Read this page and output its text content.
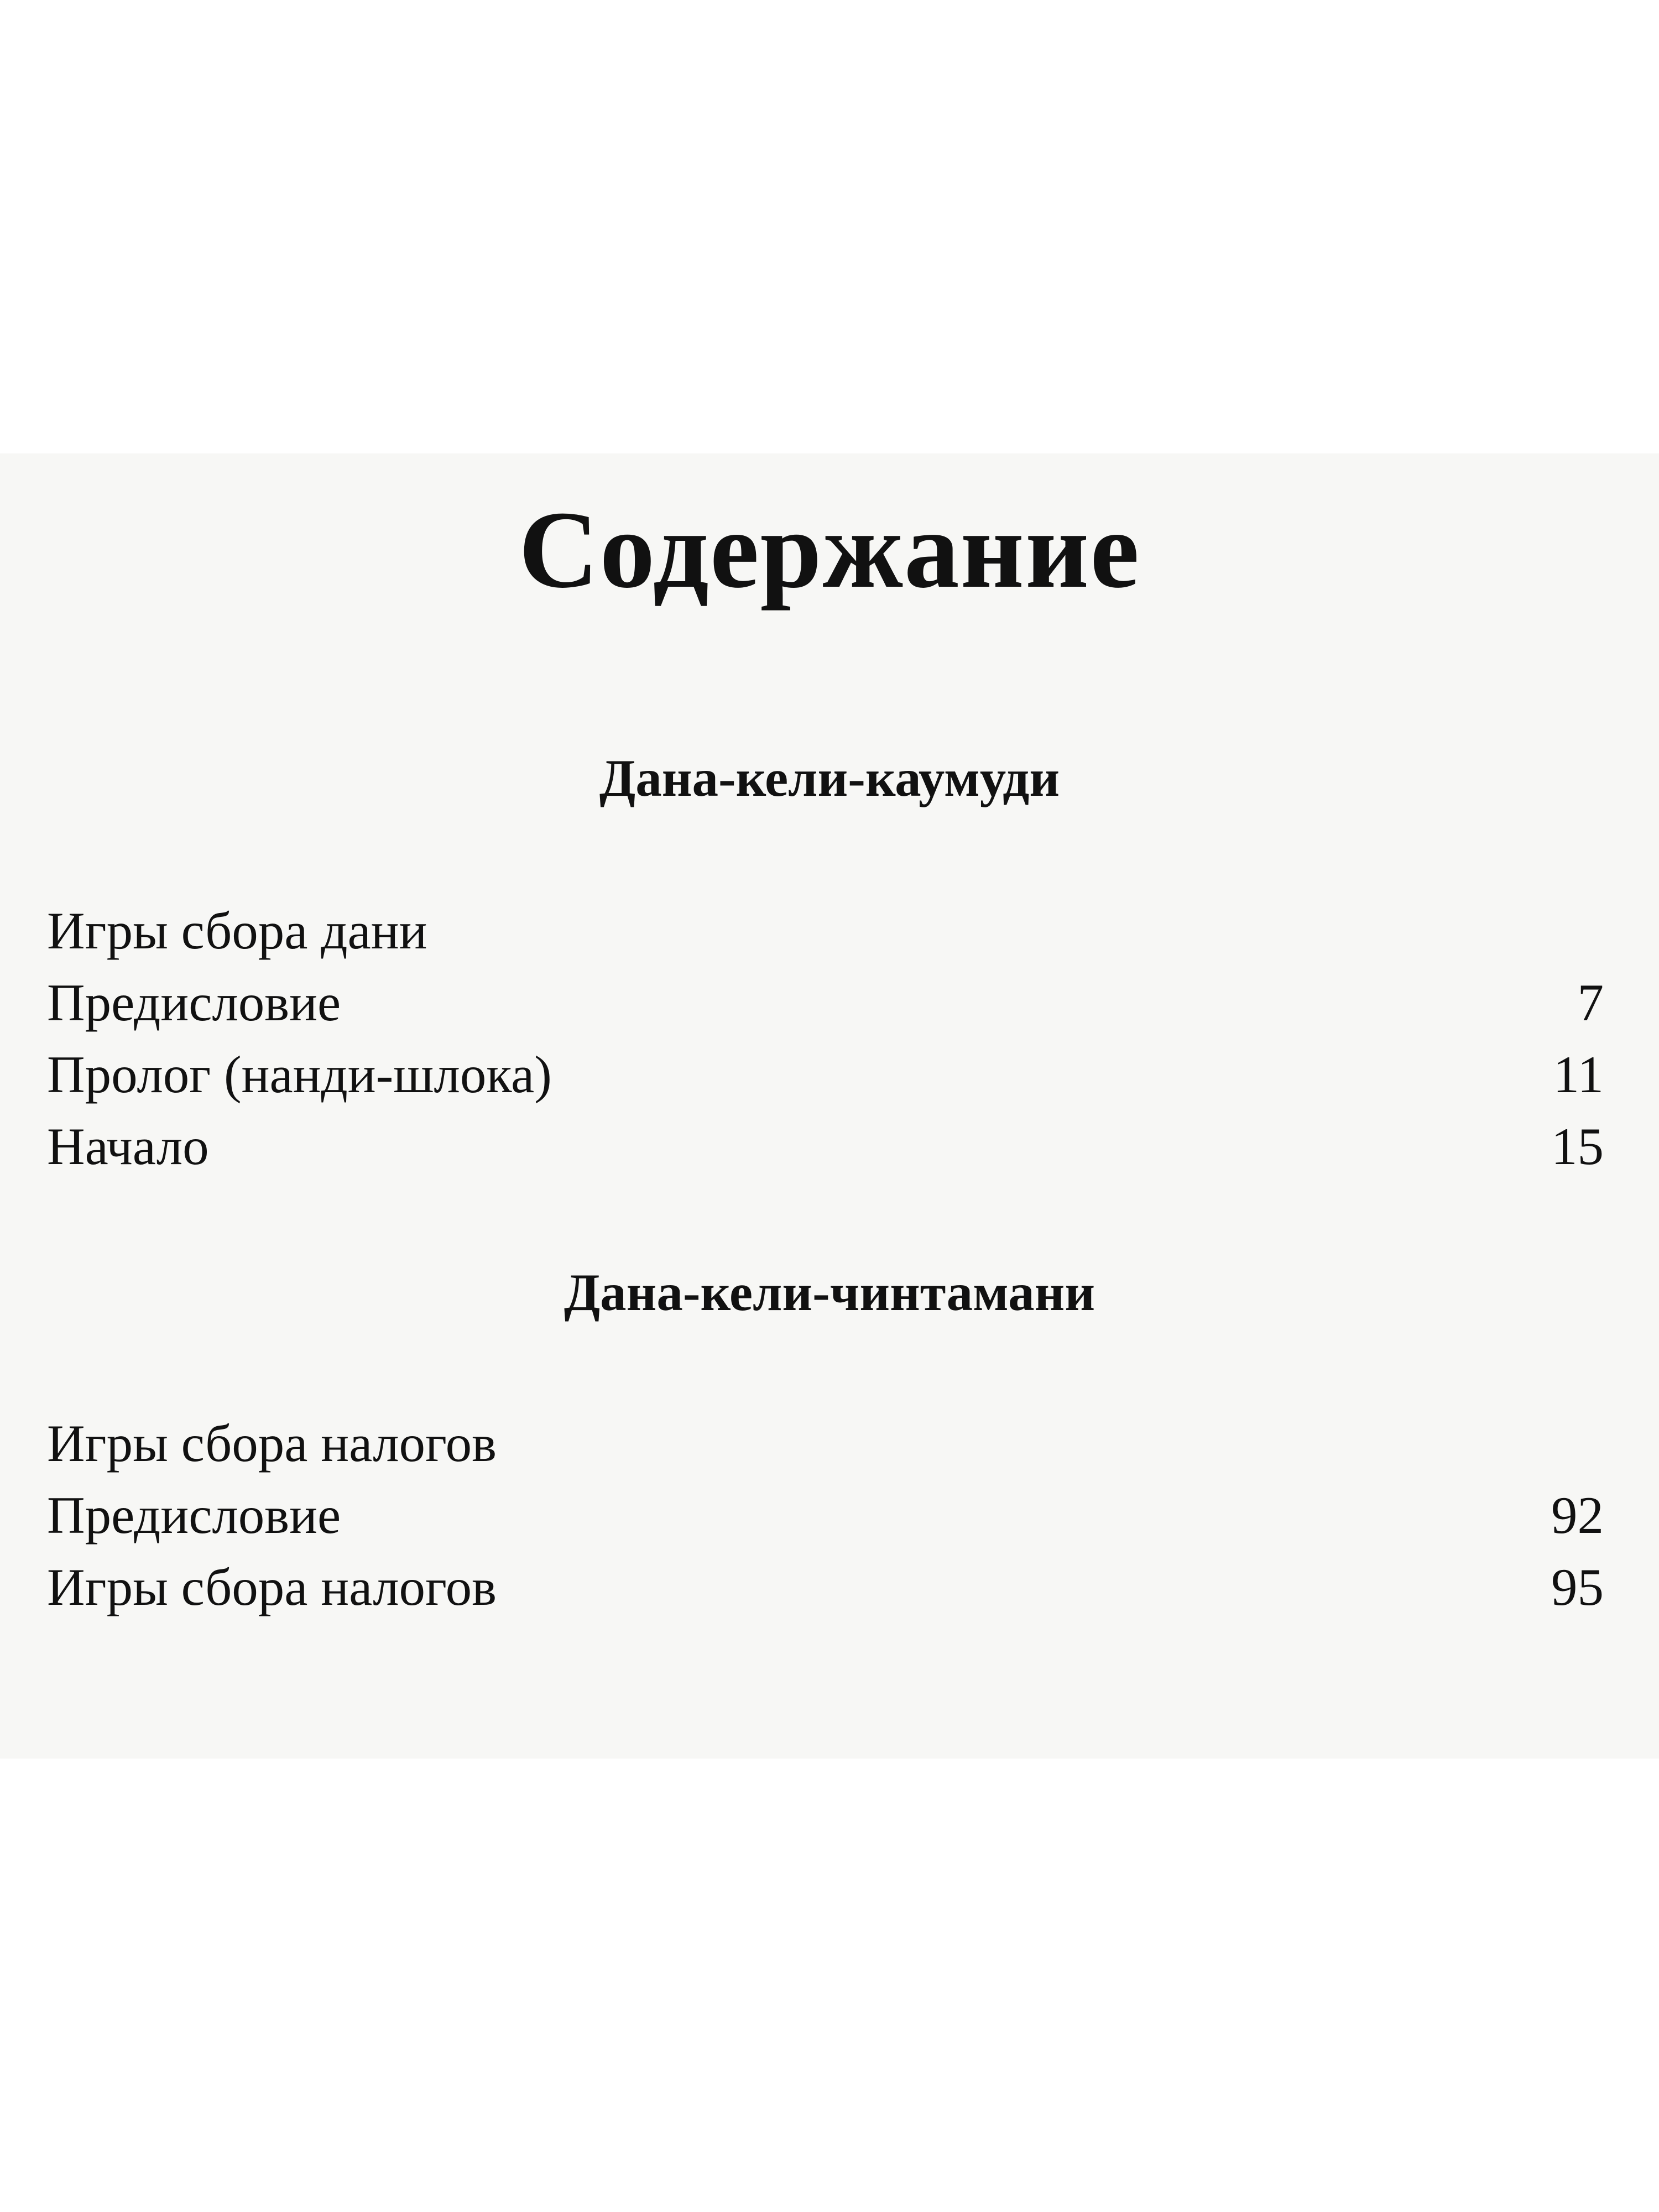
Содержание
Дана-кели-каумуди
Игры сбора дани
Предисловие	7
Пролог (нанди-шлока)	11
Начало	15
Дана-кели-чинтамани
Игры сбора налогов
Предисловие	92
Игры сбора налогов	95
